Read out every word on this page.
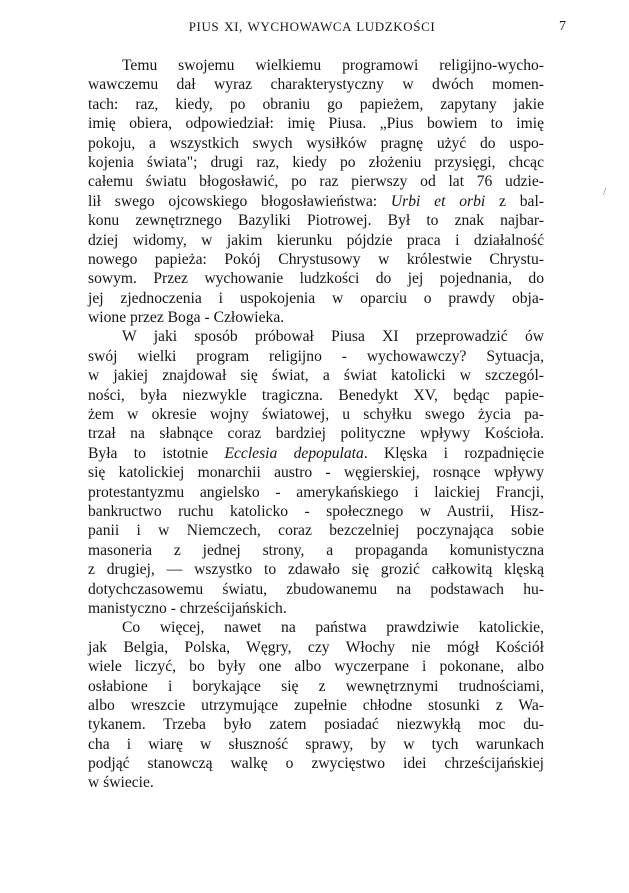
PIUS XI, WYCHOWAWCA LUDZKOŚCI	7
/
Temu swojemu wielkiemu programowi religijno-wycho-
wawczemu dał wyraz charakterystyczny w dwóch momen-
tach: raz, kiedy, po obraniu go papieżem, zapytany jakie
imię obiera, odpowiedział: imię Piusa. „Pius bowiem to imię
pokoju, a wszystkich swych wysiłków pragnę użyć do uspo-
kojenia świata"; drugi raz, kiedy po złożeniu przysięgi, chcąc
całemu światu błogosławić, po raz pierwszy od lat 76 udzie-
lił swego ojcowskiego błogosławieństwa: Urbi et orbi z bal-
konu zewnętrznego Bazyliki Piotrowej. Był to znak najbar-
dziej widomy, w jakim kierunku pójdzie praca i działalność
nowego papieża: Pokój Chrystusowy w królestwie Chrystu-
sowym. Przez wychowanie ludzkości do jej pojednania, do
jej zjednoczenia i uspokojenia w oparciu o prawdy obja-
wione przez Boga - Człowieka.
W jaki sposób próbował Piusa XI przeprowadzić ów
swój wielki program religijno - wychowawczy? Sytuacja,
w jakiej znajdował się świat, a świat katolicki w szczegól-
ności, była niezwykle tragiczna. Benedykt XV, będąc papie-
żem w okresie wojny światowej, u schyłku swego życia pa-
trzał na słabnące coraz bardziej polityczne wpływy Kościoła.
Była to istotnie Ecclesia depopulata. Klęska i rozpadnięcie
się katolickiej monarchii austro - węgierskiej, rosnące wpływy
protestantyzmu angielsko - amerykańskiego i laickiej Francji,
bankructwo ruchu katolicko - społecznego w Austrii, Hisz-
panii i w Niemczech, coraz bezczelniej poczynająca sobie
masoneria z jednej strony, a propaganda komunistyczna
z drugiej, — wszystko to zdawało się grozić całkowitą klęską
dotychczasowemu światu, zbudowanemu na podstawach hu-
manistyczno - chrześcijańskich.
Co więcej, nawet na państwa prawdziwie katolickie,
jak Belgia, Polska, Węgry, czy Włochy nie mógł Kościół
wiele liczyć, bo były one albo wyczerpane i pokonane, albo
osłabione i borykające się z wewnętrznymi trudnościami,
albo wreszcie utrzymujące zupełnie chłodne stosunki z Wa-
tykanem. Trzeba było zatem posiadać niezwykłą moc du-
cha i wiarę w słuszność sprawy, by w tych warunkach
podjąć stanowczą walkę o zwycięstwo idei chrześcijańskiej
w świecie.
